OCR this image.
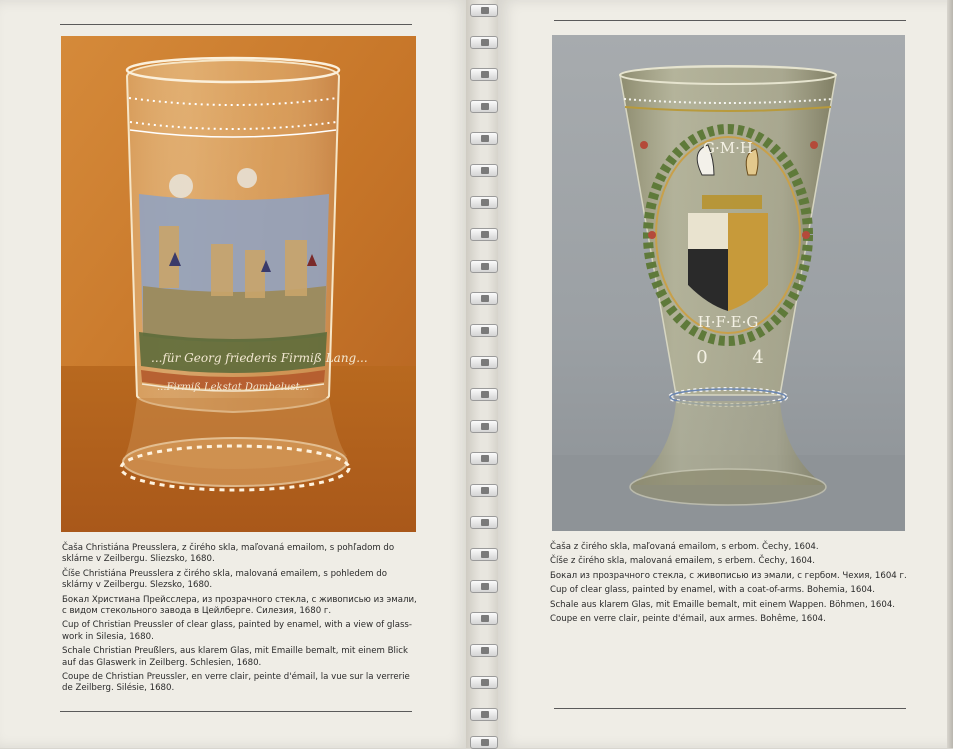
...für Georg friederis Firmiß Lang...
...Firmiß Lekstat Dambelust...

Čaša Christiána Preusslera, z čirého skla, maľovaná emailom, s pohľadom do sklárne v Zeilbergu. Sliezsko, 1680.

Číše Christiána Preusslera z čirého skla, malovaná emailem, s pohledem do sklárny v Zeilbergu. Slezsko, 1680.

Бокал Христиана Прейсслера, из прозрачного стекла, с живописью из эмали, с видом стекольного завода в Цейлберге. Силезия, 1680 г.

Cup of Christian Preussler of clear glass, painted by enamel, with a view of glass-work in Silesia, 1680.

Schale Christian Preußlers, aus klarem Glas, mit Emaille bemalt, mit einem Blick auf das Glaswerk in Zeilberg. Schlesien, 1680.

Coupe de Christian Preussler, en verre clair, peinte d'émail, la vue sur la verrerie de Zeilberg. Silésie, 1680.

G·M·H
H·F·E·G
0 4

Čaša z čirého skla, maľovaná emailom, s erbom. Čechy, 1604.

Číše z čirého skla, malovaná emailem, s erbem. Čechy, 1604.

Бокал из прозрачного стекла, с живописью из эмали, с гербом. Чехия, 1604 г.

Cup of clear glass, painted by enamel, with a coat-of-arms. Bohemia, 1604.

Schale aus klarem Glas, mit Emaille bemalt, mit einem Wappen. Böhmen, 1604.

Coupe en verre clair, peinte d'émail, aux armes. Bohême, 1604.
